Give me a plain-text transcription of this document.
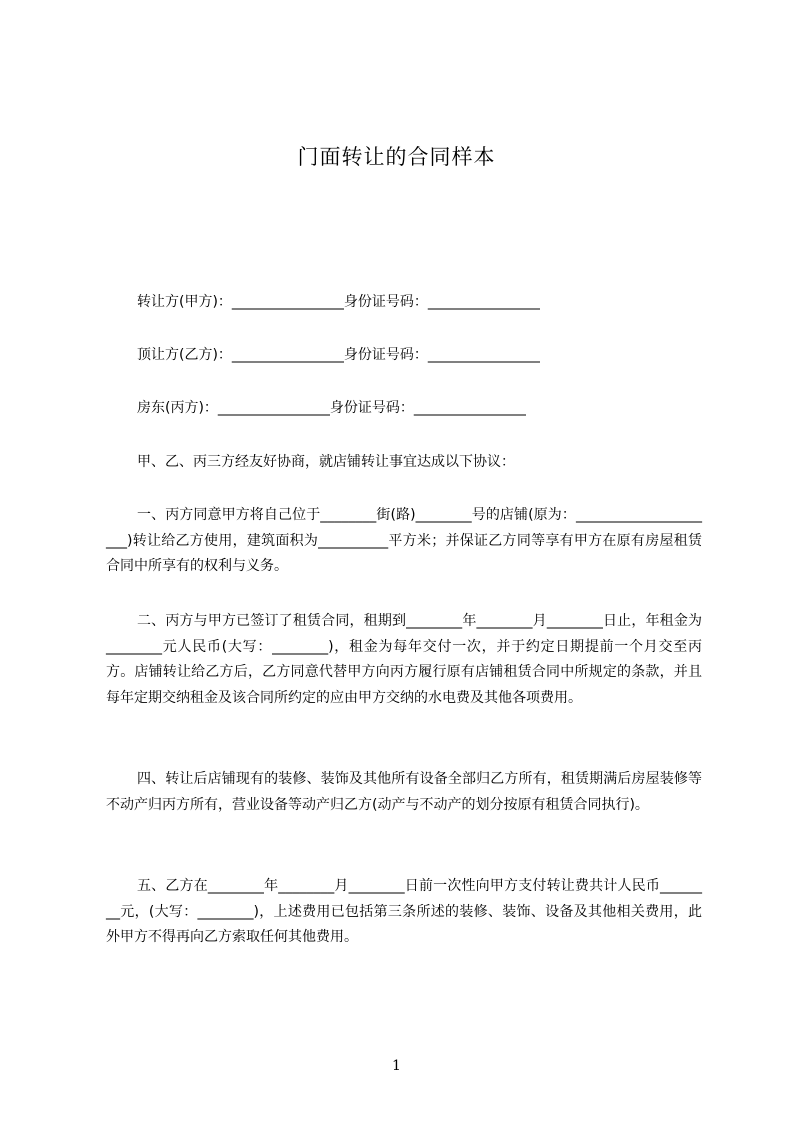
门面转让的合同样本
转让方(甲方)：________________身份证号码：________________
顶让方(乙方)：________________身份证号码：________________
房东(丙方)：________________身份证号码：________________
甲、乙、丙三方经友好协商，就店铺转让事宜达成以下协议：
一、丙方同意甲方将自己位于________街(路)________号的店铺(原为：_____________________)转让给乙方使用，建筑面积为__________平方米；并保证乙方同等享有甲方在原有房屋租赁合同中所享有的权利与义务。
二、丙方与甲方已签订了租赁合同，租期到________年________月________日止，年租金为________元人民币(大写：________)，租金为每年交付一次，并于约定日期提前一个月交至丙方。店铺转让给乙方后，乙方同意代替甲方向丙方履行原有店铺租赁合同中所规定的条款，并且每年定期交纳租金及该合同所约定的应由甲方交纳的水电费及其他各项费用。
四、转让后店铺现有的装修、装饰及其他所有设备全部归乙方所有，租赁期满后房屋装修等不动产归丙方所有，营业设备等动产归乙方(动产与不动产的划分按原有租赁合同执行)。
五、乙方在________年________月________日前一次性向甲方支付转让费共计人民币________元，(大写：________)，上述费用已包括第三条所述的装修、装饰、设备及其他相关费用，此外甲方不得再向乙方索取任何其他费用。
1
